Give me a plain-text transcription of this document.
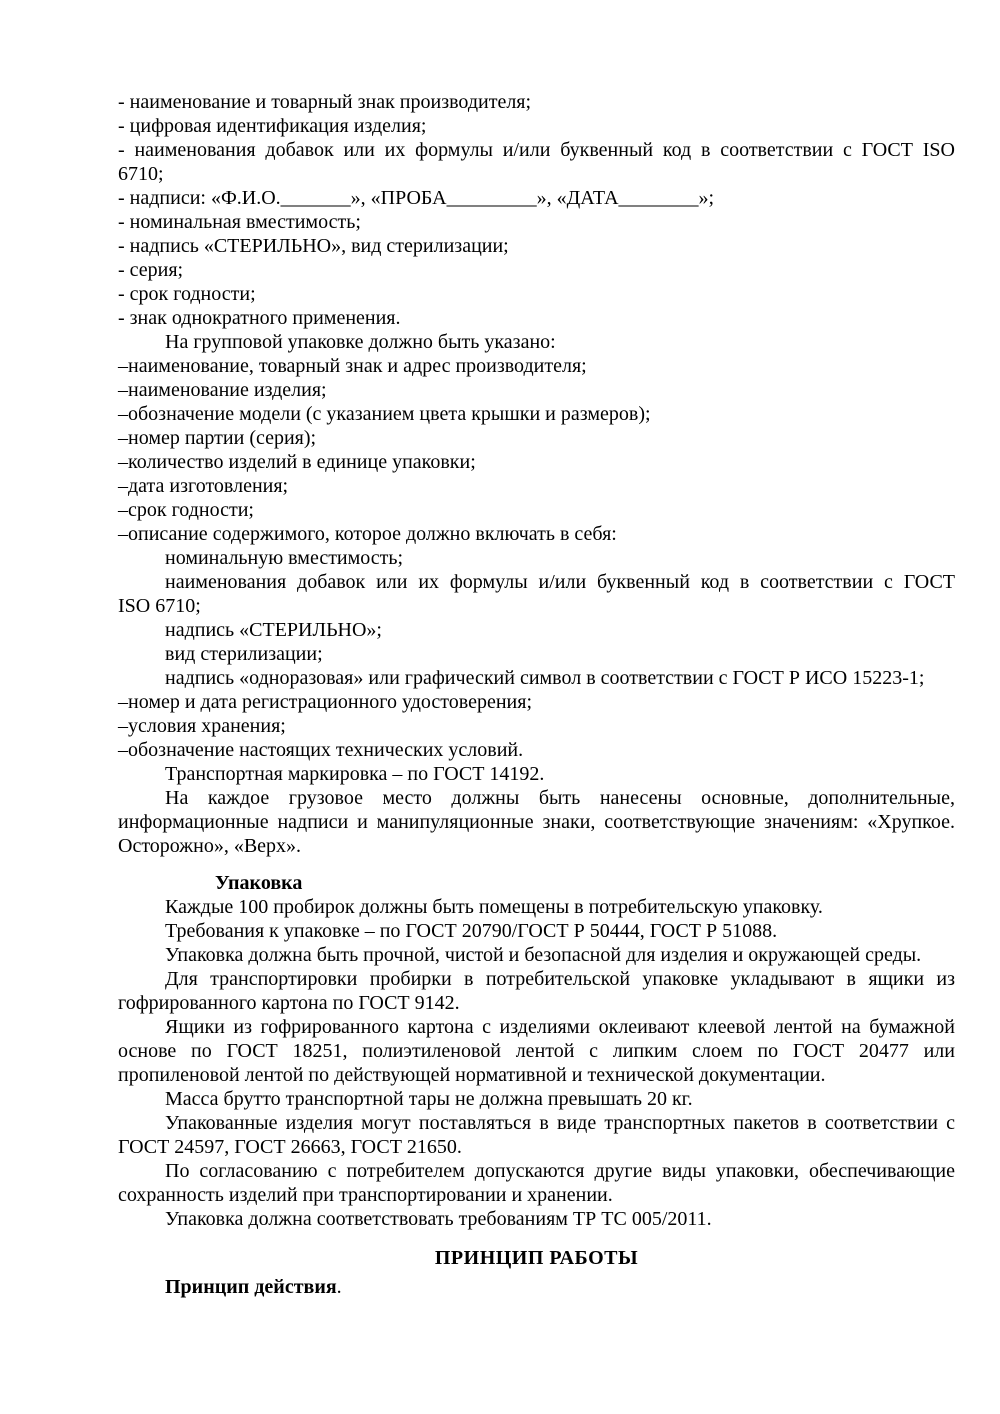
- наименование и товарный знак производителя;

- цифровая идентификация изделия;

- наименования добавок или их формулы и/или буквенный код в соответствии с ГОСТ ISO

6710;

- надписи: «Ф.И.О._______», «ПРОБА_________», «ДАТА________»;

- номинальная вместимость;

- надпись «СТЕРИЛЬНО», вид стерилизации;

- серия;

- срок годности;

- знак однократного применения.

На групповой упаковке должно быть указано:

–наименование, товарный знак и адрес производителя;

–наименование изделия;

–обозначение модели (с указанием цвета крышки и размеров);

–номер партии (серия);

–количество изделий в единице упаковки;

–дата изготовления;

–срок годности;

–описание содержимого, которое должно включать в себя:

номинальную вместимость;

наименования добавок или их формулы и/или буквенный код в соответствии с ГОСТ

ISO 6710;

надпись «СТЕРИЛЬНО»;

вид стерилизации;

надпись «одноразовая» или графический символ в соответствии с ГОСТ Р ИСО 15223-1;

–номер и дата регистрационного удостоверения;

–условия хранения;

–обозначение настоящих технических условий.

Транспортная маркировка – по ГОСТ 14192.

На каждое грузовое место должны быть нанесены основные, дополнительные,

информационные надписи и манипуляционные знаки, соответствующие значениям: «Хрупкое.

Осторожно», «Верх».

Упаковка

Каждые 100 пробирок должны быть помещены в потребительскую упаковку.

Требования к упаковке – по ГОСТ 20790/ГОСТ Р 50444, ГОСТ Р 51088.

Упаковка должна быть прочной, чистой и безопасной для изделия и окружающей среды.

Для транспортировки пробирки в потребительской упаковке укладывают в ящики из

гофрированного картона по ГОСТ 9142.

Ящики из гофрированного картона с изделиями оклеивают клеевой лентой на бумажной

основе по ГОСТ 18251, полиэтиленовой лентой с липким слоем по ГОСТ 20477 или

пропиленовой лентой по действующей нормативной и технической документации.

Масса брутто транспортной тары не должна превышать 20 кг.

Упакованные изделия могут поставляться в виде транспортных пакетов в соответствии с

ГОСТ 24597, ГОСТ 26663, ГОСТ 21650.

По согласованию с потребителем допускаются другие виды упаковки, обеспечивающие

сохранность изделий при транспортировании и хранении.

Упаковка должна соответствовать требованиям ТР ТС 005/2011.

ПРИНЦИП РАБОТЫ

Принцип действия.
